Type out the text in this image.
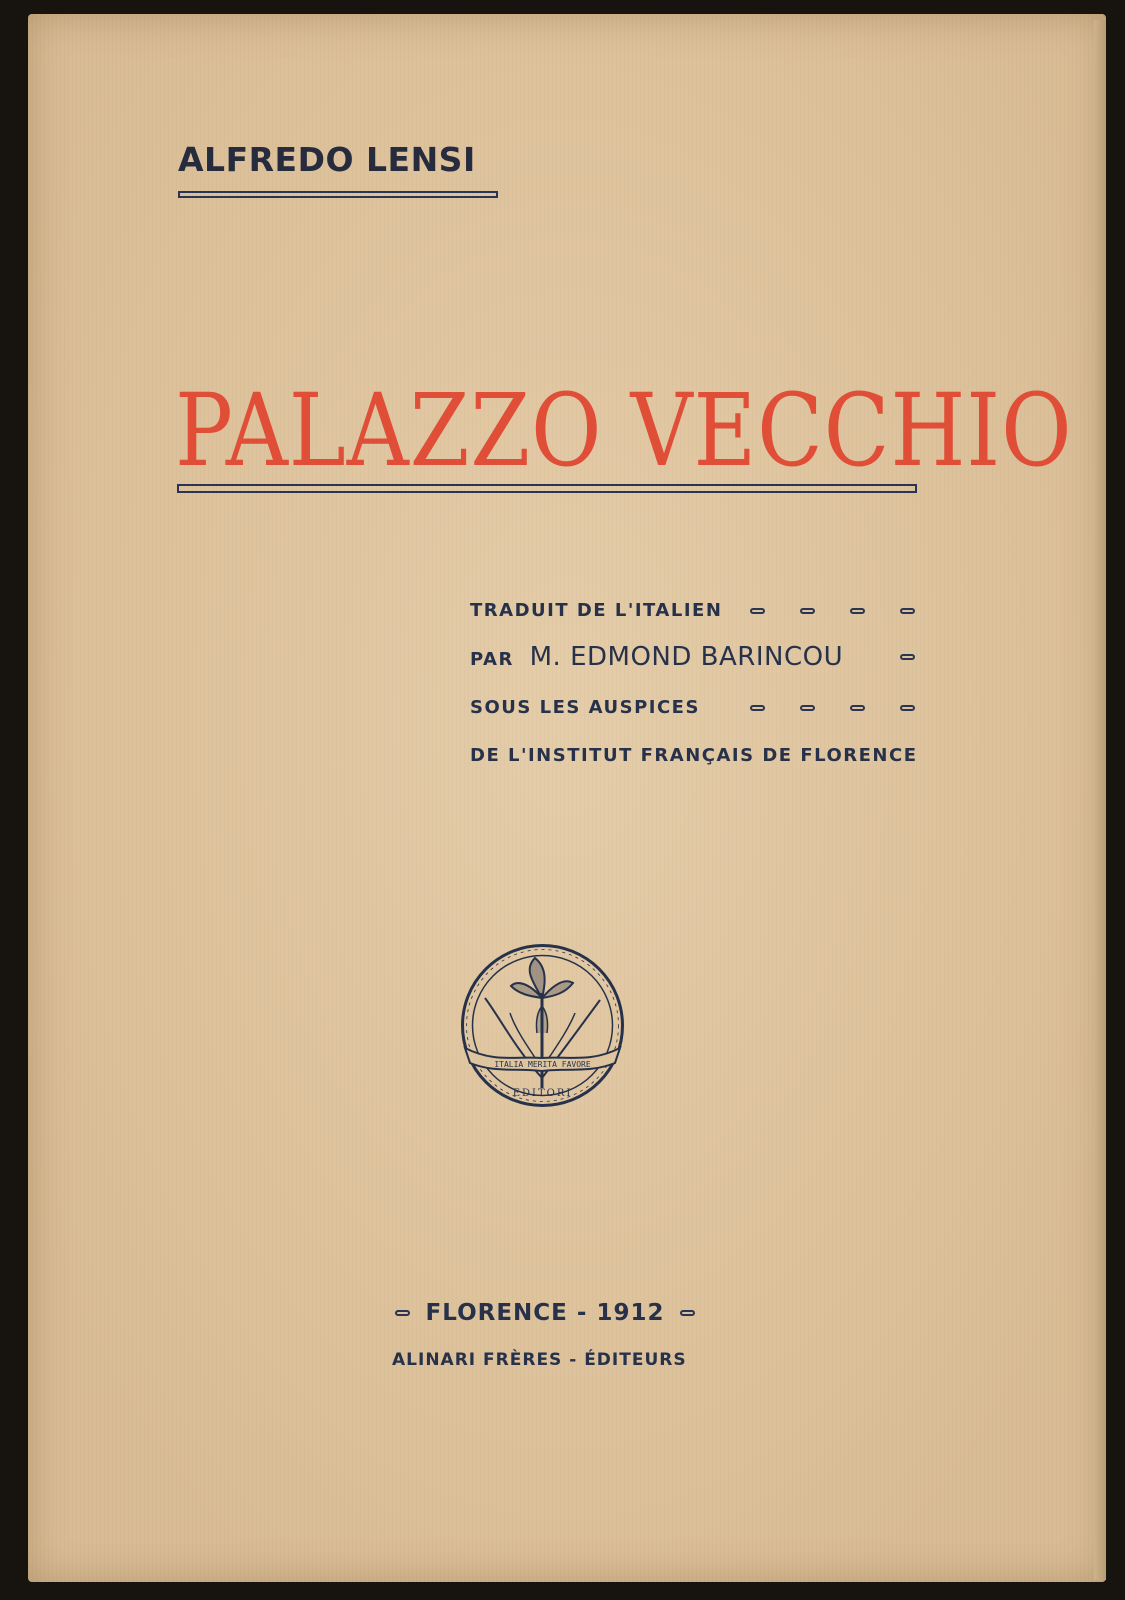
ALFREDO LENSI

PALAZZO VECCHIO

TRADUIT DE L'ITALIEN
PAR M. EDMOND BARINCOU
SOUS LES AUSPICES
DE L'INSTITUT FRANÇAIS DE FLORENCE
ITALIA MERITA FAVORE
EDITORI
FLORENCE - 1912

ALINARI FRÈRES - ÉDITEURS
